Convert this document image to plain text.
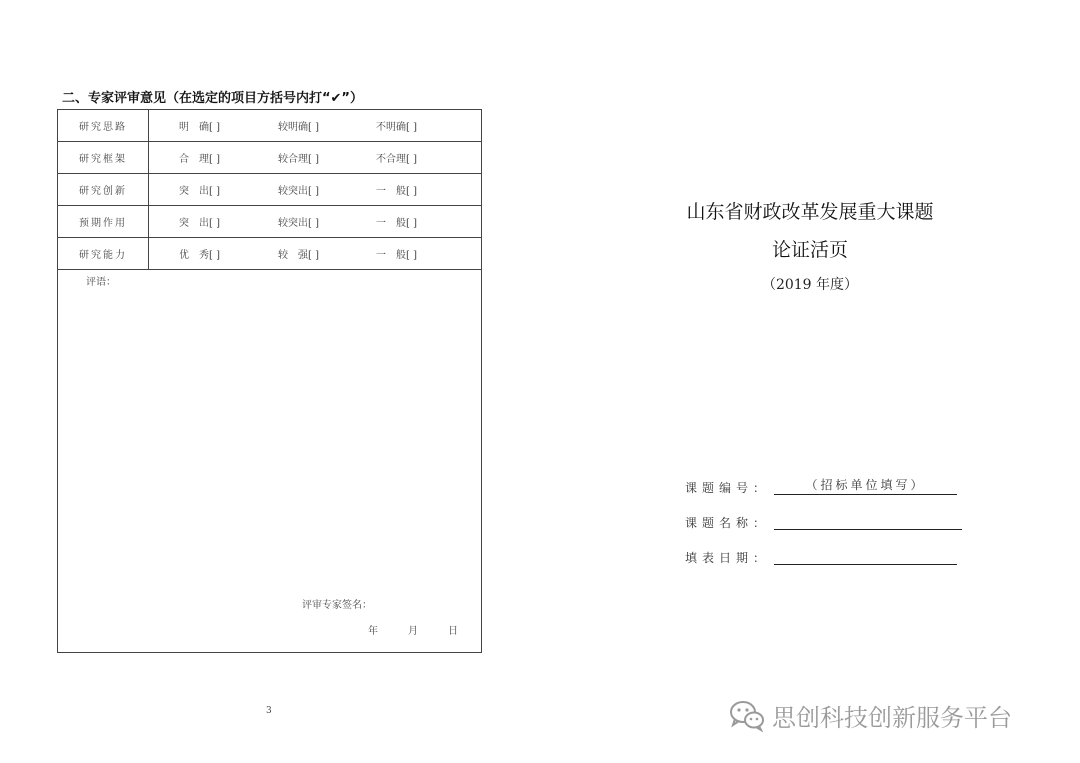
二、专家评审意见（在选定的项目方括号内打“✔”）
研究思路	明　确[ ]	较明确[ ]	不明确[ ]
研究框架	合　理[ ]	较合理[ ]	不合理[ ]
研究创新	突　出[ ]	较突出[ ]	一　般[ ]
预期作用	突　出[ ]	较突出[ ]	一　般[ ]
研究能力	优　秀[ ]	较　强[ ]	一　般[ ]
评语：
评审专家签名：
年	月	日
3
山东省财政改革发展重大课题
论证活页
（2019 年度）
课题编号：	（招标单位填写）
课题名称：
填表日期：
思创科技创新服务平台
